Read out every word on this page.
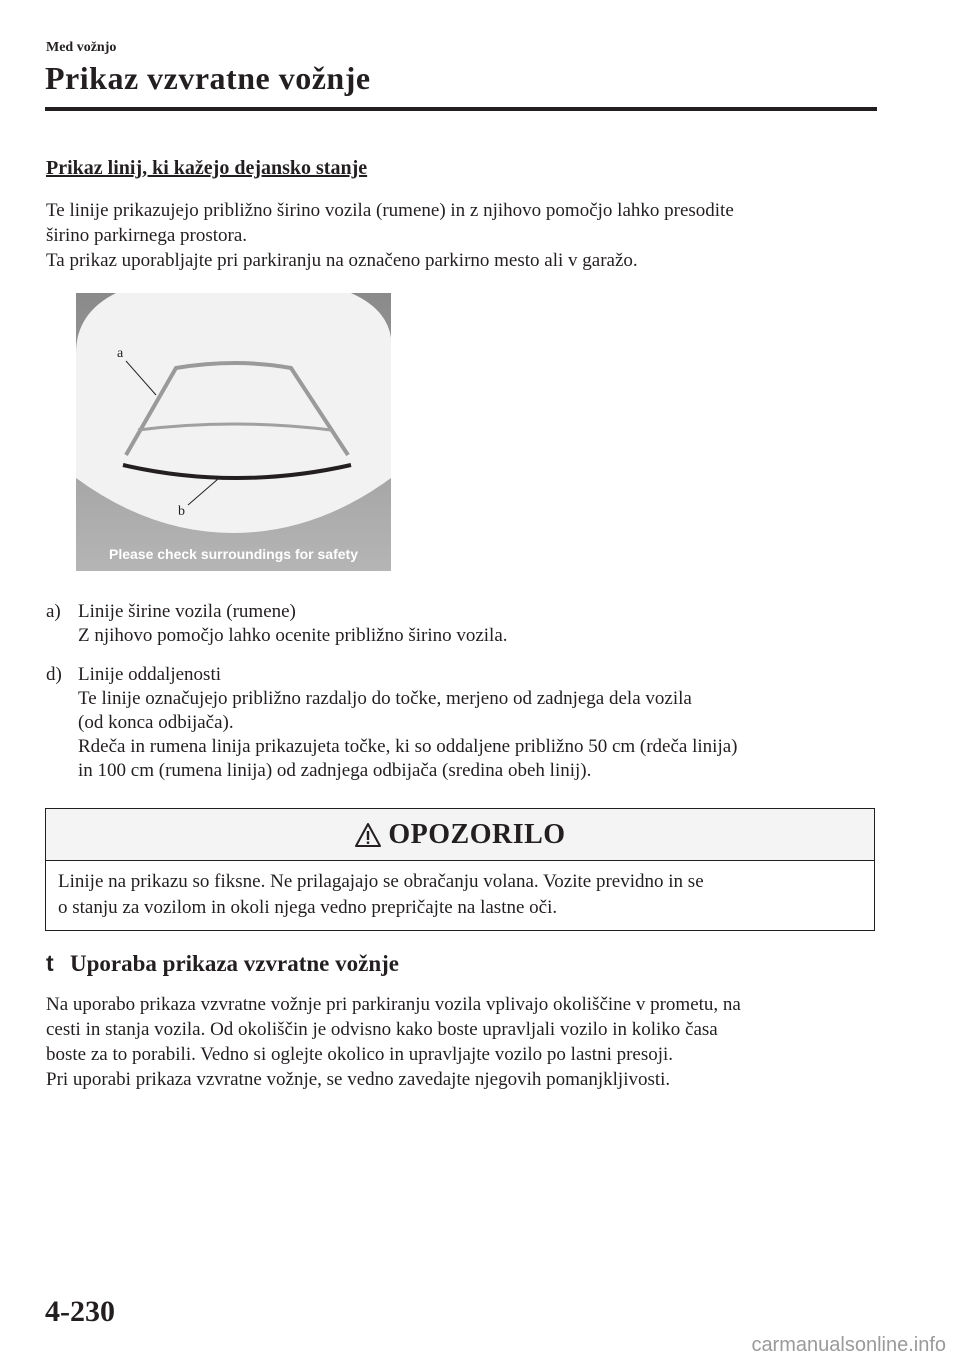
Med vožnjo
Prikaz vzvratne vožnje
Prikaz linij, ki kažejo dejansko stanje

Te linije prikazujejo približno širino vozila (rumene) in z njihovo pomočjo lahko presodite
širino parkirnega prostora.
Ta prikaz uporabljajte pri parkiranju na označeno parkirno mesto ali v garažo.

a
b
Please check surroundings for safety
a) Linije širine vozila (rumene)
Z njihovo pomočjo lahko ocenite približno širino vozila.
d) Linije oddaljenosti
Te linije označujejo približno razdaljo do točke, merjeno od zadnjega dela vozila
(od konca odbijača).
Rdeča in rumena linija prikazujeta točke, ki so oddaljene približno 50 cm (rdeča linija)
in 100 cm (rumena linija) od zadnjega odbijača (sredina obeh linij).
OPOZORILO
Linije na prikazu so fiksne. Ne prilagajajo se obračanju volana. Vozite previdno in se
o stanju za vozilom in okoli njega vedno prepričajte na lastne oči.
t Uporaba prikaza vzvratne vožnje

Na uporabo prikaza vzvratne vožnje pri parkiranju vozila vplivajo okoliščine v prometu, na
cesti in stanja vozila. Od okoliščin je odvisno kako boste upravljali vozilo in koliko časa
boste za to porabili. Vedno si oglejte okolico in upravljajte vozilo po lastni presoji.
Pri uporabi prikaza vzvratne vožnje, se vedno zavedajte njegovih pomanjkljivosti.

4-230
carmanualsonline.info
